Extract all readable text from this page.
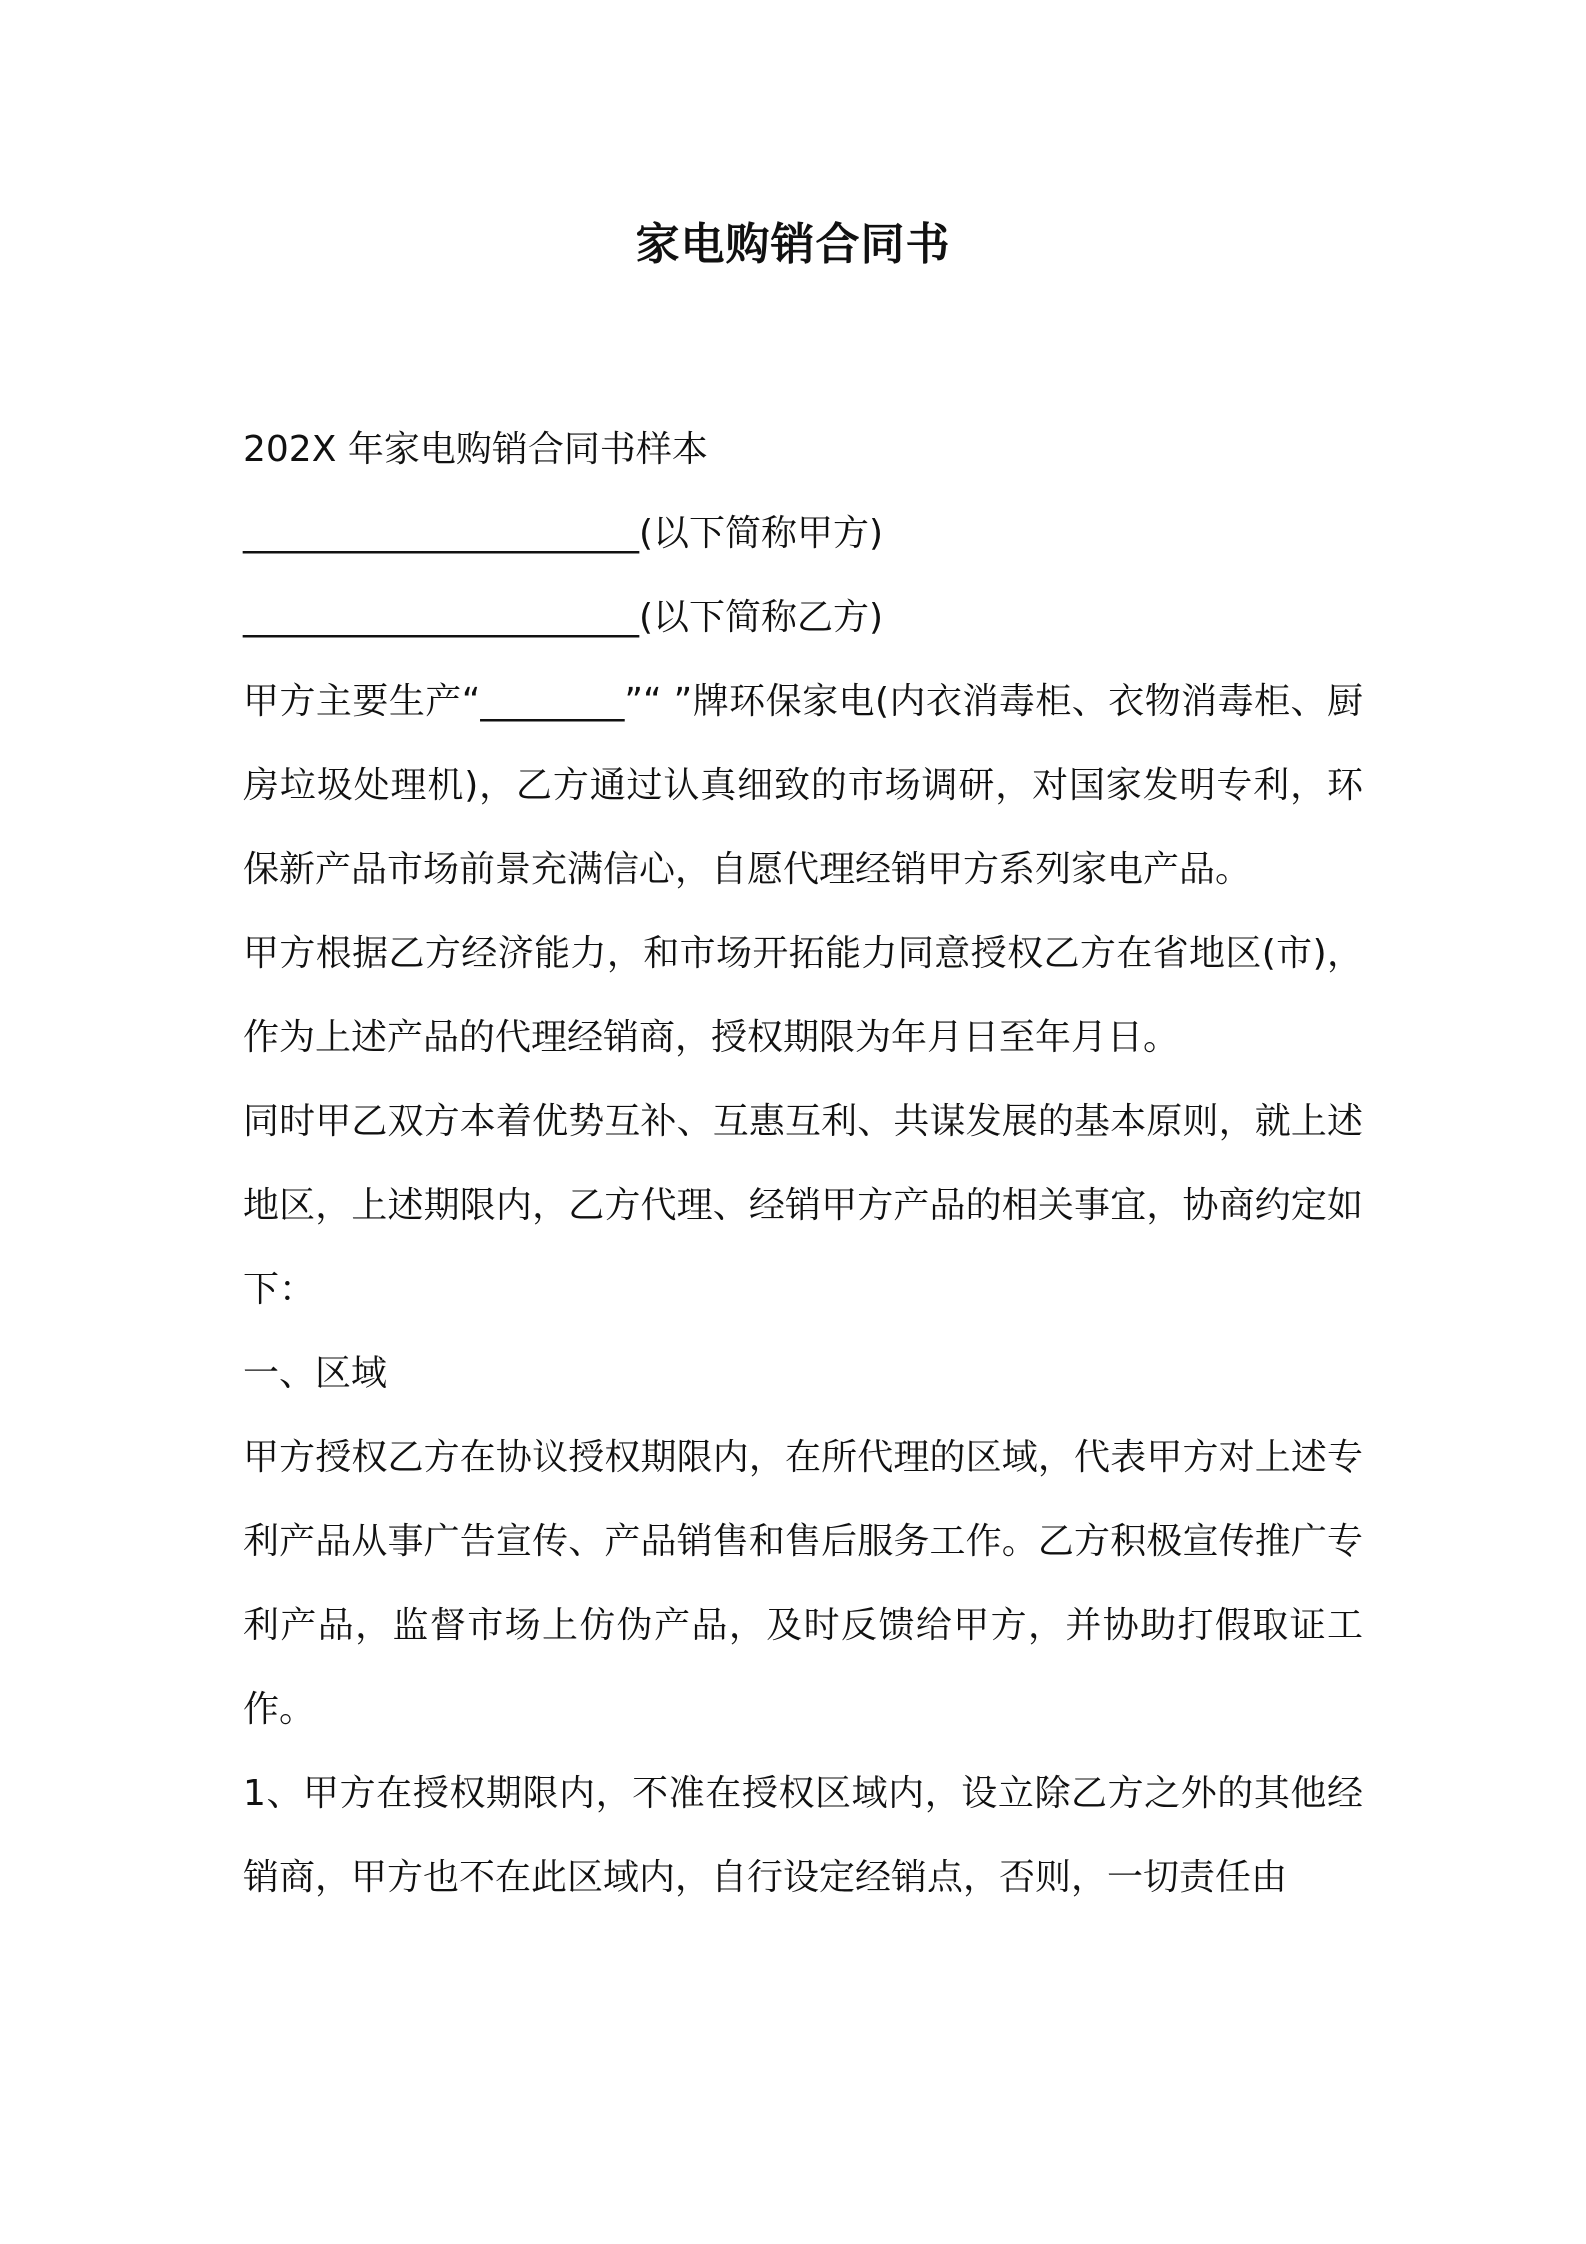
家电购销合同书
202X 年家电购销合同书样本
______________________(以下简称甲方)
______________________(以下简称乙方)
甲方主要生产“________”“ ”牌环保家电(内衣消毒柜、衣物消毒柜、厨房垃圾处理机)，乙方通过认真细致的市场调研，对国家发明专利，环保新产品市场前景充满信心，自愿代理经销甲方系列家电产品。
甲方根据乙方经济能力，和市场开拓能力同意授权乙方在省地区(市)，作为上述产品的代理经销商，授权期限为年月日至年月日。
同时甲乙双方本着优势互补、互惠互利、共谋发展的基本原则，就上述地区，上述期限内，乙方代理、经销甲方产品的相关事宜，协商约定如下：
一、区域
甲方授权乙方在协议授权期限内，在所代理的区域，代表甲方对上述专利产品从事广告宣传、产品销售和售后服务工作。乙方积极宣传推广专利产品，监督市场上仿伪产品，及时反馈给甲方，并协助打假取证工作。
1、甲方在授权期限内，不准在授权区域内，设立除乙方之外的其他经销商，甲方也不在此区域内，自行设定经销点，否则，一切责任由
